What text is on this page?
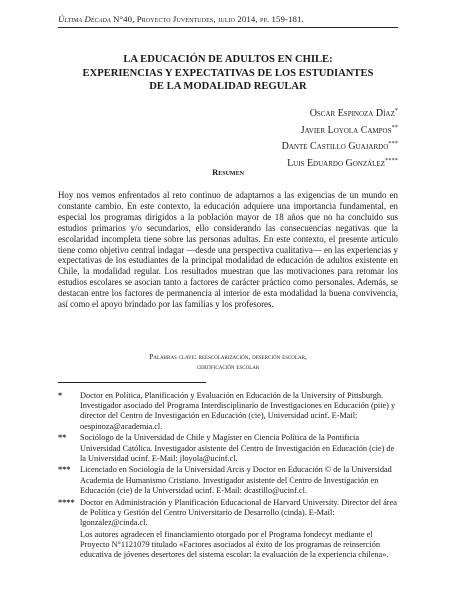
Última Década N°40, Proyecto Juventudes, julio 2014, pp. 159-181.
LA EDUCACIÓN DE ADULTOS EN CHILE:
EXPERIENCIAS Y EXPECTATIVAS DE LOS ESTUDIANTES
DE LA MODALIDAD REGULAR
Oscar Espinoza Díaz*
Javier Loyola Campos**
Dante Castillo Guajardo***
Luis Eduardo González****
Resumen
Hoy nos vemos enfrentados al reto continuo de adaptarnos a las exigencias de un mundo en constante cambio. En este contexto, la educación adquiere una importancia fundamental, en especial los programas dirigidos a la población mayor de 18 años que no ha concluido sus estudios primarios y/o secundarios, ello considerando las consecuencias negativas que la escolaridad incompleta tiene sobre las personas adultas. En este contexto, el presente artículo tiene como objetivo central indagar —desde una perspectiva cualitativa— en las experiencias y expectativas de los estudiantes de la principal modalidad de educación de adultos existente en Chile, la modalidad regular. Los resultados muestran que las motivaciones para retomar los estudios escolares se asocian tanto a factores de carácter práctico como personales. Además, se destacan entre los factores de permanencia al interior de esta modalidad la buena convivencia, así como el apoyo brindado por las familias y los profesores.
Palabras clave: reescolarización, deserción escolar,
certificación escolar
*	Doctor en Política, Planificación y Evaluación en Educación de la University of Pittsburgh. Investigador asociado del Programa Interdisciplinario de Investigaciones en Educación (piie) y director del Centro de Investigación en Educación (cie), Universidad ucinf. E-Mail: oespinoza@academia.cl.
**	Sociólogo de la Universidad de Chile y Magíster en Ciencia Política de la Pontificia Universidad Católica. Investigador asistente del Centro de Investigación en Educación (cie) de la Universidad ucinf. E-Mail: jloyola@ucinf.cl.
***	Licenciado en Sociología de la Universidad Arcis y Doctor en Educación © de la Universidad Academia de Humanismo Cristiano. Investigador asistente del Centro de Investigación en Educación (cie) de la Universidad ucinf. E-Mail: dcastillo@ucinf.cl.
**** Doctor en Administración y Planificación Educacional de Harvard University. Director del área de Política y Gestión del Centro Universitario de Desarrollo (cinda). E-Mail: lgonzalez@cinda.cl.
Los autores agradecen el financiamiento otorgado por el Programa fondecyt mediante el Proyecto N°1121079 titulado «Factores asociados al éxito de los programas de reinserción educativa de jóvenes desertores del sistema escolar: la evaluación de la experiencia chilena».
